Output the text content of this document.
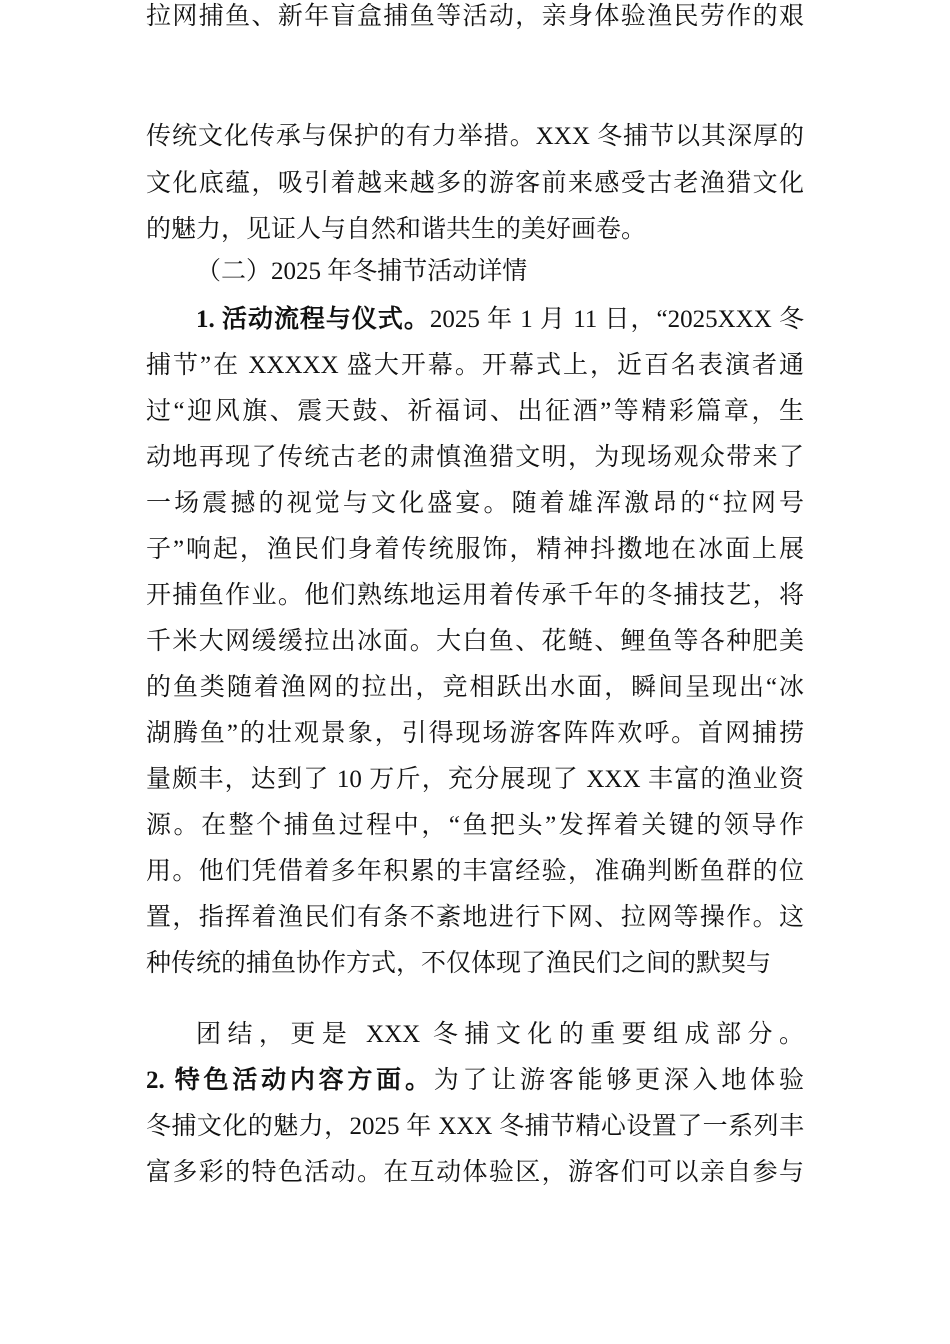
传统文化传承与保护的有力举措。XXX 冬捕节以其深厚的
文化底蕴，吸引着越来越多的游客前来感受古老渔猎文化
的魅力，见证人与自然和谐共生的美好画卷。
（二）2025 年冬捕节活动详情
1. 活动流程与仪式。2025 年 1 月 11 日，“2025XXX 冬
捕节”在 XXXXX 盛大开幕。开幕式上，近百名表演者通
过“迎风旗、震天鼓、祈福词、出征酒”等精彩篇章，生
动地再现了传统古老的肃慎渔猎文明，为现场观众带来了
一场震撼的视觉与文化盛宴。随着雄浑激昂的“拉网号
子”响起，渔民们身着传统服饰，精神抖擞地在冰面上展
开捕鱼作业。他们熟练地运用着传承千年的冬捕技艺，将
千米大网缓缓拉出冰面。大白鱼、花鲢、鲤鱼等各种肥美
的鱼类随着渔网的拉出，竞相跃出水面，瞬间呈现出“冰
湖腾鱼”的壮观景象，引得现场游客阵阵欢呼。首网捕捞
量颇丰，达到了 10 万斤，充分展现了 XXX 丰富的渔业资
源。在整个捕鱼过程中，“鱼把头”发挥着关键的领导作
用。他们凭借着多年积累的丰富经验，准确判断鱼群的位
置，指挥着渔民们有条不紊地进行下网、拉网等操作。这
种传统的捕鱼协作方式，不仅体现了渔民们之间的默契与
团结，更是 XXX 冬捕文化的重要组成部分。
2. 特色活动内容方面。为了让游客能够更深入地体验
冬捕文化的魅力，2025 年 XXX 冬捕节精心设置了一系列丰
富多彩的特色活动。在互动体验区，游客们可以亲自参与
拉网捕鱼、新年盲盒捕鱼等活动，亲身体验渔民劳作的艰
